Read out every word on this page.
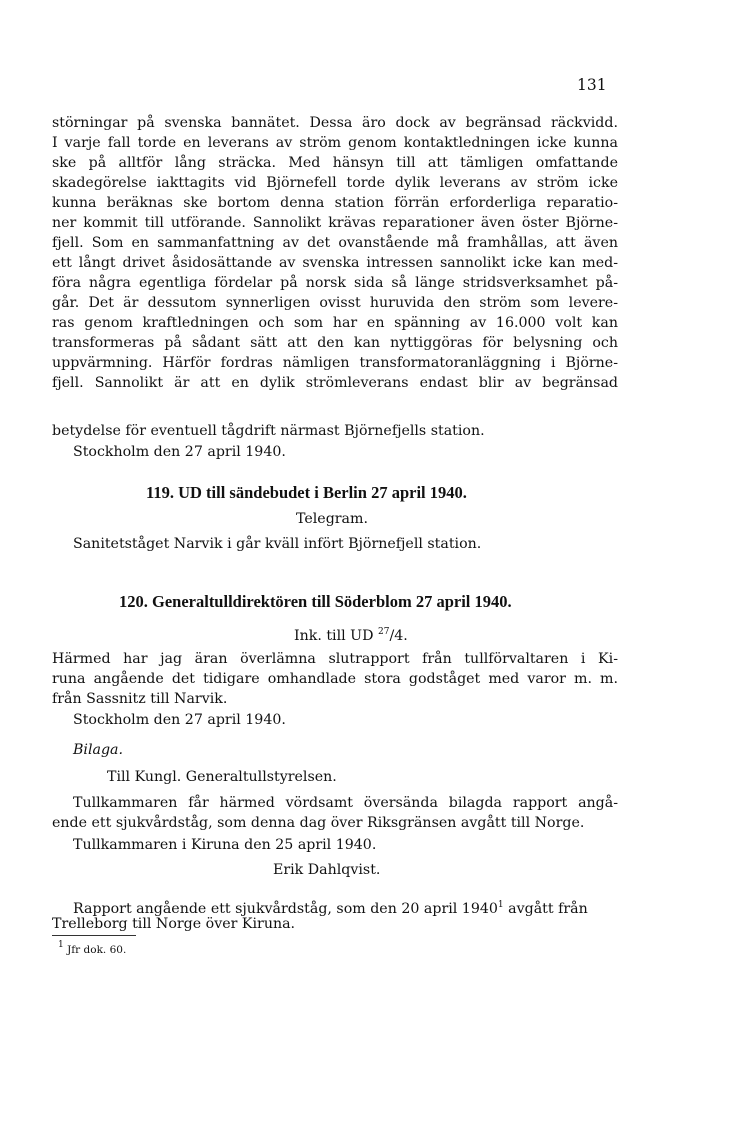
131
störningar på svenska bannätet. Dessa äro dock av begränsad räckvidd.
I varje fall torde en leverans av ström genom kontaktledningen icke kunna
ske på alltför lång sträcka. Med hänsyn till att tämligen omfattande
skadegörelse iakttagits vid Björnefell torde dylik leverans av ström icke
kunna beräknas ske bortom denna station förrän erforderliga reparatio-
ner kommit till utförande. Sannolikt krävas reparationer även öster Björne-
fjell. Som en sammanfattning av det ovanstående må framhållas, att även
ett långt drivet åsidosättande av svenska intressen sannolikt icke kan med-
föra några egentliga fördelar på norsk sida så länge stridsverksamhet på-
går. Det är dessutom synnerligen ovisst huruvida den ström som levere-
ras genom kraftledningen och som har en spänning av 16.000 volt kan
transformeras på sådant sätt att den kan nyttiggöras för belysning och
uppvärmning. Härför fordras nämligen transformatoranläggning i Björne-
fjell. Sannolikt är att en dylik strömleverans endast blir av begränsad
betydelse för eventuell tågdrift närmast Björnefjells station.
Stockholm den 27 april 1940.
119. UD till sändebudet i Berlin 27 april 1940.
Telegram.
Sanitetståget Narvik i går kväll infört Björnefjell station.
120. Generaltulldirektören till Söderblom 27 april 1940.
Ink. till UD $^{27}$/4.
Härmed har jag äran överlämna slutrapport från tullförvaltaren i Ki-
runa angående det tidigare omhandlade stora godståget med varor m. m.
från Sassnitz till Narvik.
Stockholm den 27 april 1940.
Bilaga.
Till Kungl. Generaltullstyrelsen.
Tullkammaren får härmed vördsamt översända bilagda rapport angå-
ende ett sjukvårdståg, som denna dag över Riksgränsen avgått till Norge.
Tullkammaren i Kiruna den 25 april 1940.
Erik Dahlqvist.
Rapport angående ett sjukvårdståg, som den 20 april 1940$^1$ avgått från
Trelleborg till Norge över Kiruna.
1 Jfr dok. 60.
